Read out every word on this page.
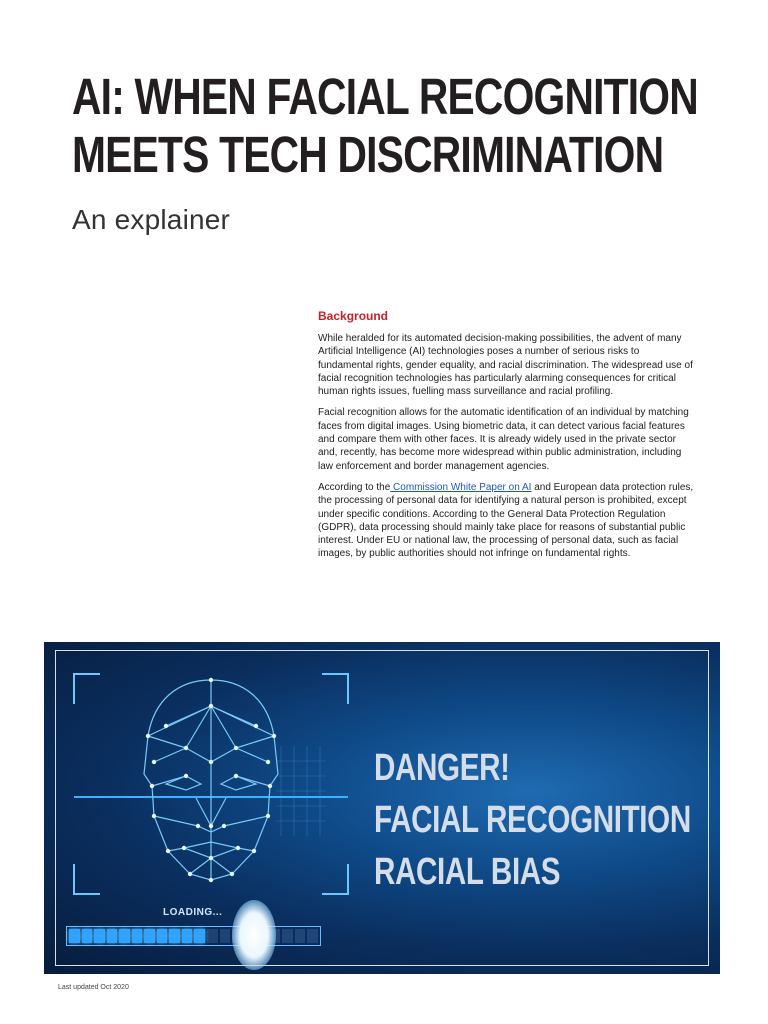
AI: WHEN FACIAL RECOGNITION
MEETS TECH DISCRIMINATION

An explainer

Background

While heralded for its automated decision-making possibilities, the advent of many Artificial Intelligence (AI) technologies poses a number of serious risks to fundamental rights, gender equality, and racial discrimination. The widespread use of facial recognition technologies has particularly alarming consequences for critical human rights issues, fuelling mass surveillance and racial profiling.

Facial recognition allows for the automatic identification of an individual by matching faces from digital images. Using biometric data, it can detect various facial features and compare them with other faces. It is already widely used in the private sector and, recently, has become more widespread within public administration, including law enforcement and border management agencies.

According to the Commission White Paper on AI and European data protection rules, the processing of personal data for identifying a natural person is prohibited, except under specific conditions. According to the General Data Protection Regulation (GDPR), data processing should mainly take place for reasons of substantial public interest. Under EU or national law, the processing of personal data, such as facial images, by public authorities should not infringe on fundamental rights.

DANGER!
FACIAL RECOGNITION
RACIAL BIAS
LOADING...
Last updated Oct 2020
